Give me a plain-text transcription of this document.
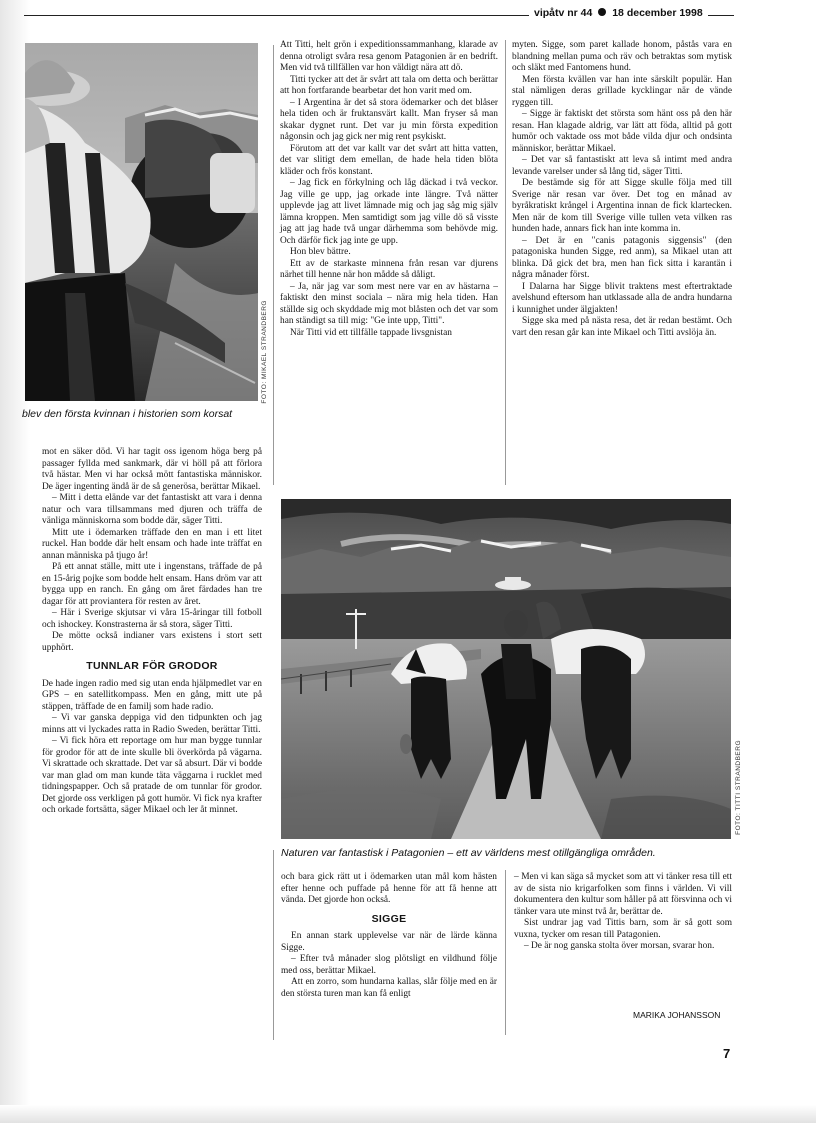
vipåtv nr 44 18 december 1998
FOTO: MIKAEL STRANDBERG
blev den första kvinnan i historien som korsat

mot en säker död. Vi har tagit oss igenom höga berg på passager fyllda med sankmark, där vi höll på att förlora två hästar. Men vi har också mött fantastiska människor. De äger ingenting ändå är de så generösa, berättar Mikael.

– Mitt i detta elände var det fantastiskt att vara i denna natur och vara tillsammans med djuren och träffa de vänliga människorna som bodde där, säger Titti.

Mitt ute i ödemarken träffade den en man i ett litet ruckel. Han bodde där helt ensam och hade inte träffat en annan människa på tjugo år!

På ett annat ställe, mitt ute i ingenstans, träffade de på en 15-årig pojke som bodde helt ensam. Hans dröm var att bygga upp en ranch. En gång om året färdades han tre dagar för att proviantera för resten av året.

– Här i Sverige skjutsar vi våra 15-åringar till fotboll och ishockey. Konstrasterna är så stora, säger Titti.

De mötte också indianer vars existens i stort sett upphört.

TUNNLAR FÖR GRODOR

De hade ingen radio med sig utan enda hjälpmedlet var en GPS – en satellitkompass. Men en gång, mitt ute på stäppen, träffade de en familj som hade radio.

– Vi var ganska deppiga vid den tidpunkten och jag minns att vi lyckades ratta in Radio Sweden, berättar Titti.

– Vi fick höra ett reportage om hur man bygge tunnlar för grodor för att de inte skulle bli överkörda på vägarna. Vi skrattade och skrattade. Det var så absurt. Där vi bodde var man glad om man kunde täta väggarna i rucklet med tidningspapper. Och så pratade de om tunnlar för grodor. Det gjorde oss verkligen på gott humör. Vi fick nya krafter och orkade fortsätta, säger Mikael och ler åt minnet.

Att Titti, helt grön i expeditionssammanhang, klarade av denna otroligt svåra resa genom Patagonien är en bedrift. Men vid två tillfällen var hon väldigt nära att dö.

Titti tycker att det är svårt att tala om detta och berättar att hon fortfarande bearbetar det hon varit med om.

– I Argentina är det så stora ödemarker och det blåser hela tiden och är fruktansvärt kallt. Man fryser så man skakar dygnet runt. Det var ju min första expedition någonsin och jag gick ner mig rent psykiskt.

Förutom att det var kallt var det svårt att hitta vatten, det var slitigt dem emellan, de hade hela tiden blöta kläder och frös konstant.

– Jag fick en förkylning och låg däckad i två veckor. Jag ville ge upp, jag orkade inte längre. Två nätter upplevde jag att livet lämnade mig och jag såg mig själv lämna kroppen. Men samtidigt som jag ville dö så visste jag att jag hade två ungar därhemma som behövde mig. Och därför fick jag inte ge upp.

Hon blev bättre.

Ett av de starkaste minnena från resan var djurens närhet till henne när hon mådde så dåligt.

– Ja, när jag var som mest nere var en av hästarna – faktiskt den minst sociala – nära mig hela tiden. Han ställde sig och skyddade mig mot blåsten och det var som han ständigt sa till mig: "Ge inte upp, Titti".

När Titti vid ett tillfälle tappade livsgnistan

myten. Sigge, som paret kallade honom, påstås vara en blandning mellan puma och räv och betraktas som mytisk och släkt med Fantomens hund.

Men första kvällen var han inte särskilt populär. Han stal nämligen deras grillade kycklingar när de vände ryggen till.

– Sigge är faktiskt det största som hänt oss på den här resan. Han klagade aldrig, var lätt att föda, alltid på gott humör och vaktade oss mot både vilda djur och ondsinta människor, berättar Mikael.

– Det var så fantastiskt att leva så intimt med andra levande varelser under så lång tid, säger Titti.

De bestämde sig för att Sigge skulle följa med till Sverige när resan var över. Det tog en månad av byråkratiskt krångel i Argentina innan de fick klartecken. Men när de kom till Sverige ville tullen veta vilken ras hunden hade, annars fick han inte komma in.

– Det är en "canis patagonis siggensis" (den patagoniska hunden Sigge, red anm), sa Mikael utan att blinka. Då gick det bra, men han fick sitta i karantän i några månader först.

I Dalarna har Sigge blivit traktens mest eftertraktade avelshund eftersom han utklassade alla de andra hundarna i kunnighet under älgjakten!

Sigge ska med på nästa resa, det är redan bestämt. Och vart den resan går kan inte Mikael och Titti avslöja än.

FOTO: TITTI STRANDBERG
Naturen var fantastisk i Patagonien – ett av världens mest otillgängliga områden.

och bara gick rätt ut i ödemarken utan mål kom hästen efter henne och puffade på henne för att få henne att vända. Det gjorde hon också.

SIGGE

En annan stark upplevelse var när de lärde känna Sigge.

– Efter två månader slog plötsligt en vildhund följe med oss, berättar Mikael.

Att en zorro, som hundarna kallas, slår följe med en är den största turen man kan få enligt

– Men vi kan säga så mycket som att vi tänker resa till ett av de sista nio krigarfolken som finns i världen. Vi vill dokumentera den kultur som håller på att försvinna och vi tänker vara ute minst två år, berättar de.

Sist undrar jag vad Tittis barn, som är så gott som vuxna, tycker om resan till Patagonien.

– De är nog ganska stolta över morsan, svarar hon.

MARIKA JOHANSSON
7
